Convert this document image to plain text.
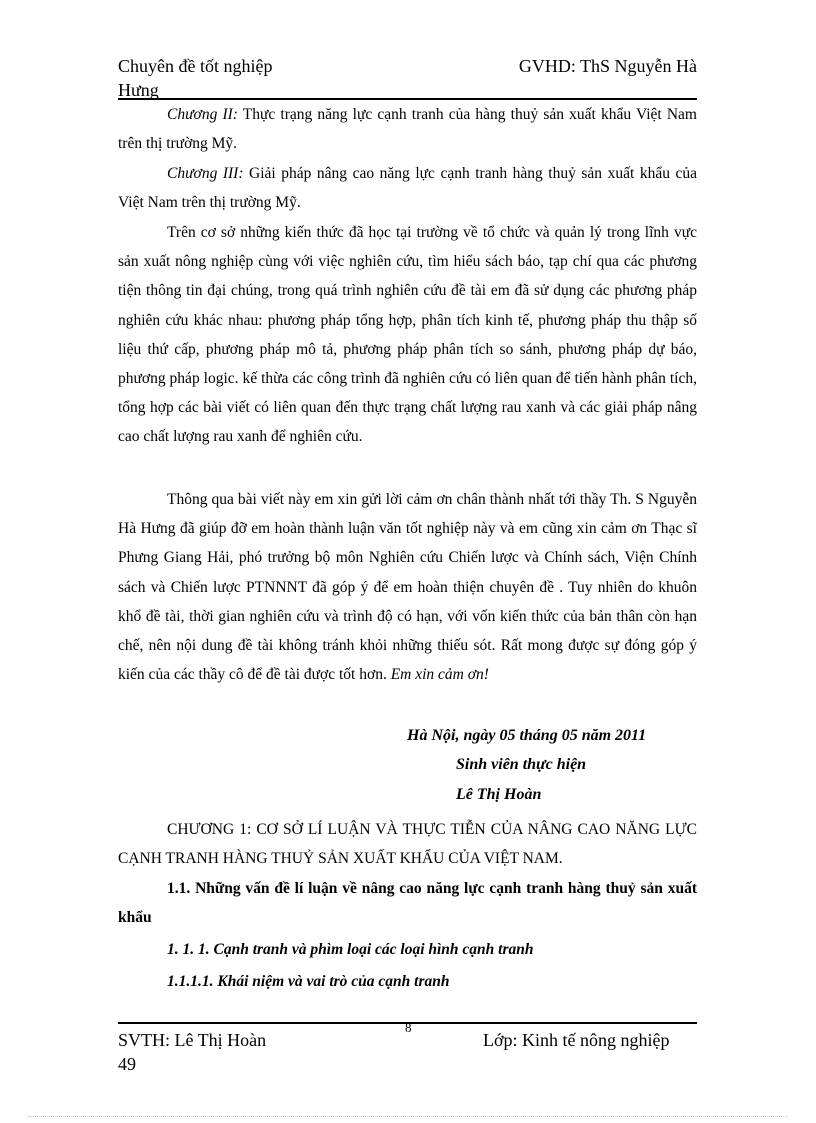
Chuyên đề tốt nghiệp
Hưng
GVHD: ThS Nguyễn Hà

Chương II: Thực trạng năng lực cạnh tranh của hàng thuỷ sản xuất khẩu Việt Nam trên thị trường Mỹ.

Chương III: Giải pháp nâng cao năng lực cạnh tranh hàng thuỷ sản xuất khẩu của Việt Nam trên thị trường Mỹ.

Trên cơ sở những kiến thức đã học tại trường về tổ chức và quản lý trong lĩnh vực sản xuất nông nghiệp cùng với việc nghiên cứu, tìm hiểu sách báo, tạp chí qua các phương tiện thông tin đại chúng, trong quá trình nghiên cứu đề tài em đã sử dụng các phương pháp nghiên cứu khác nhau: phương pháp tổng hợp, phân tích kinh tế, phương pháp thu thập số liệu thứ cấp, phương pháp mô tả, phương pháp phân tích so sánh, phương pháp dự báo, phương pháp logic. kế thừa các công trình đã nghiên cứu có liên quan để tiến hành phân tích, tổng hợp các bài viết có liên quan đến thực trạng chất lượng rau xanh và các giải pháp nâng cao chất lượng rau xanh để nghiên cứu.

Thông qua bài viết này em xin gửi lời cảm ơn chân thành nhất tới thầy Th. S Nguyễn Hà Hưng đã giúp đỡ em hoàn thành luận văn tốt nghiệp này và em cũng xin cảm ơn Thạc sĩ Phưng Giang Hải, phó trưởng bộ môn Nghiên cứu Chiến lược và Chính sách, Viện Chính sách và Chiến lược PTNNNT đã góp ý để em hoàn thiện chuyên đề . Tuy nhiên do khuôn khổ đề tài, thời gian nghiên cứu và trình độ có hạn, với vốn kiến thức của bản thân còn hạn chế, nên nội dung đề tài không tránh khỏi những thiếu sót. Rất mong được sự đóng góp ý kiến của các thầy cô để đề tài được tốt hơn. Em xin cảm ơn!

Hà Nội, ngày 05 tháng 05 năm 2011
Sinh viên thực hiện
Lê Thị Hoàn

CHƯƠNG 1: CƠ SỞ LÍ LUẬN VÀ THỰC TIỄN CỦA NÂNG CAO NĂNG LỰC CẠNH TRANH HÀNG THUỶ SẢN XUẤT KHẨU CỦA VIỆT NAM.

1.1. Những vấn đề lí luận về nâng cao năng lực cạnh tranh hàng thuỷ sản xuất khẩu

1. 1. 1. Cạnh tranh và phìm loại các loại hình cạnh tranh

1.1.1.1. Khái niệm và vai trò của cạnh tranh

8
SVTH: Lê Thị Hoàn
49
Lớp: Kinh tế nông nghiệp
